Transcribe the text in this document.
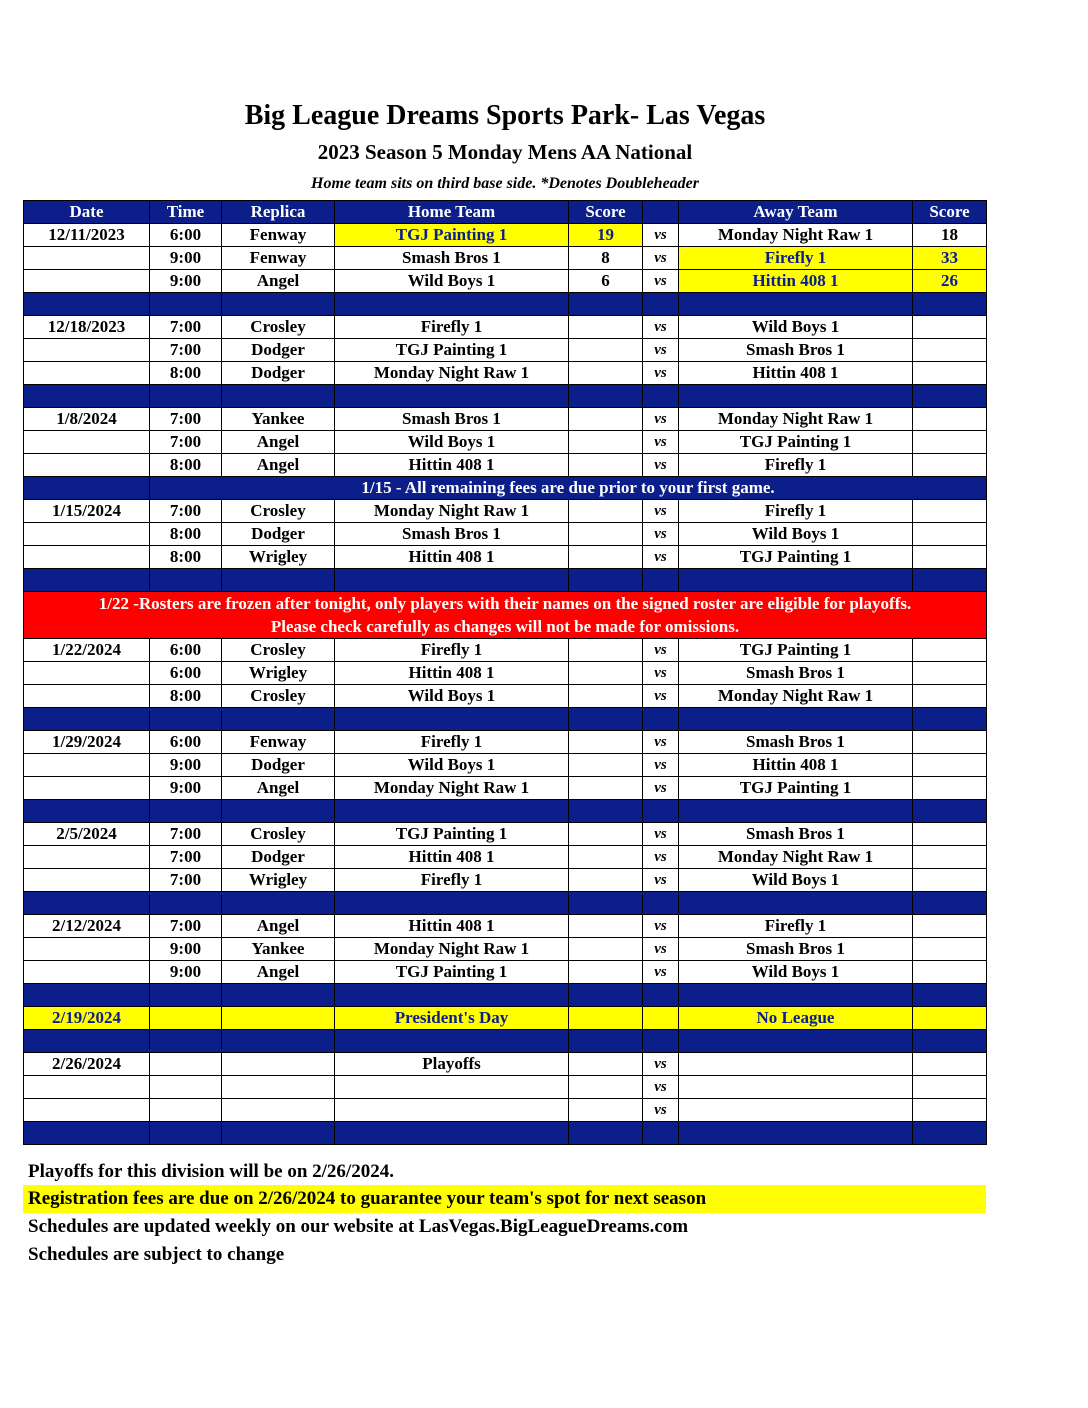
Big League Dreams Sports Park- Las Vegas
2023 Season 5 Monday Mens AA National
Home team sits on third base side. *Denotes Doubleheader
Date	Time	Replica	Home Team	Score		Away Team	Score
12/11/2023	6:00	Fenway	TGJ Painting 1	19	vs	Monday Night Raw 1	18
	9:00	Fenway	Smash Bros 1	8	vs	Firefly 1	33
	9:00	Angel	Wild Boys 1	6	vs	Hittin 408 1	26

12/18/2023	7:00	Crosley	Firefly 1		vs	Wild Boys 1	
	7:00	Dodger	TGJ Painting 1		vs	Smash Bros 1	
	8:00	Dodger	Monday Night Raw 1		vs	Hittin 408 1	

1/8/2024	7:00	Yankee	Smash Bros 1		vs	Monday Night Raw 1	
	7:00	Angel	Wild Boys 1		vs	TGJ Painting 1	
	8:00	Angel	Hittin 408 1		vs	Firefly 1	
	1/15 - All remaining fees are due prior to your first game.						
1/15/2024	7:00	Crosley	Monday Night Raw 1		vs	Firefly 1	
	8:00	Dodger	Smash Bros 1		vs	Wild Boys 1	
	8:00	Wrigley	Hittin 408 1		vs	TGJ Painting 1	

1/22 -Rosters are frozen after tonight, only players with their names on the signed roster are eligible for playoffs.
Please check carefully as changes will not be made for omissions.							

1/22/2024	6:00	Crosley	Firefly 1		vs	TGJ Painting 1	
	6:00	Wrigley	Hittin 408 1		vs	Smash Bros 1	
	8:00	Crosley	Wild Boys 1		vs	Monday Night Raw 1	

1/29/2024	6:00	Fenway	Firefly 1		vs	Smash Bros 1	
	9:00	Dodger	Wild Boys 1		vs	Hittin 408 1	
	9:00	Angel	Monday Night Raw 1		vs	TGJ Painting 1	

2/5/2024	7:00	Crosley	TGJ Painting 1		vs	Smash Bros 1	
	7:00	Dodger	Hittin 408 1		vs	Monday Night Raw 1	
	7:00	Wrigley	Firefly 1		vs	Wild Boys 1	

2/12/2024	7:00	Angel	Hittin 408 1		vs	Firefly 1	
	9:00	Yankee	Monday Night Raw 1		vs	Smash Bros 1	
	9:00	Angel	TGJ Painting 1		vs	Wild Boys 1	

2/19/2024			President's Day			No League	

2/26/2024			Playoffs		vs		
					vs		
					vs		

Playoffs for this division will be on 2/26/2024.
Registration fees are due on 2/26/2024 to guarantee your team's spot for next season
Schedules are updated weekly on our website at LasVegas.BigLeagueDreams.com
Schedules are subject to change
